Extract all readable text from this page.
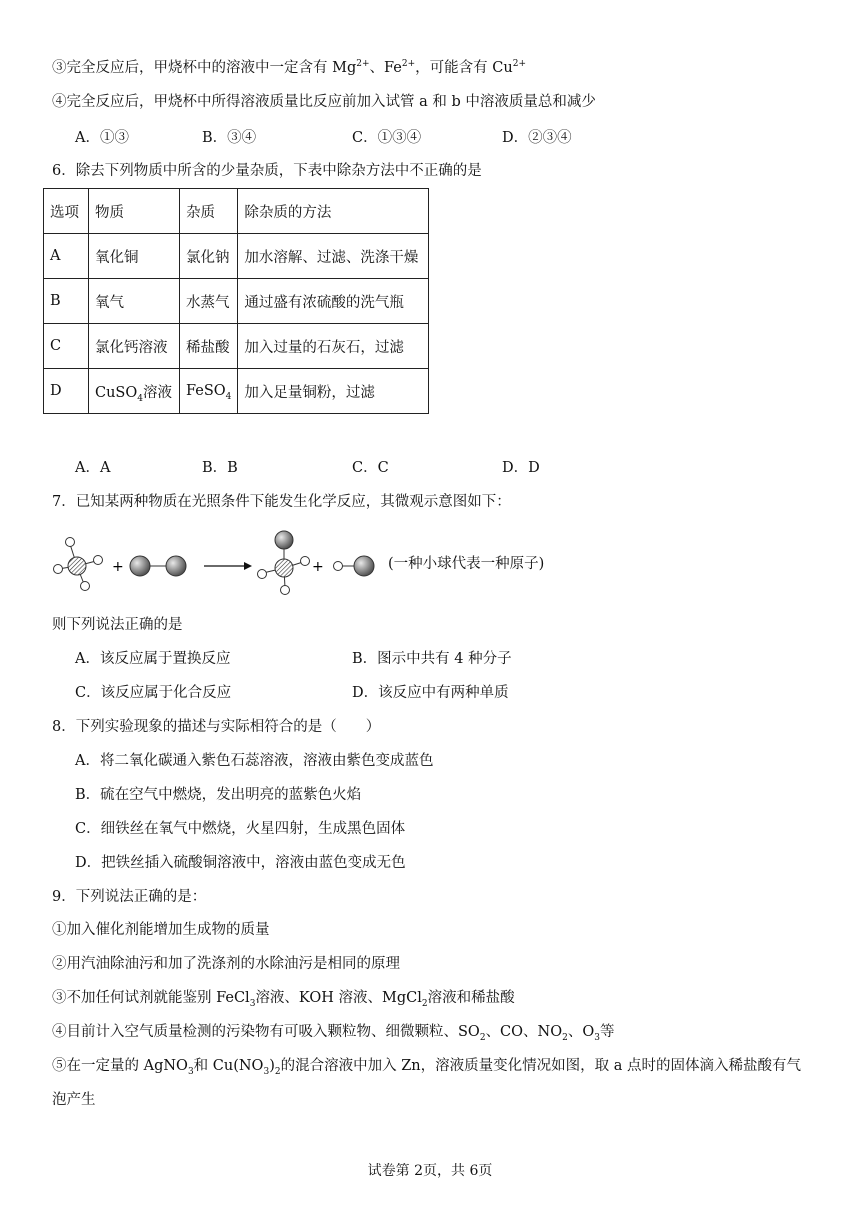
③完全反应后，甲烧杯中的溶液中一定含有 $Mg^{2+}$、$Fe^{2+}$，可能含有 $Cu^{2+}$
④完全反应后，甲烧杯中所得溶液质量比反应前加入试管 a 和 b 中溶液质量总和减少
A．①③	B．③④	C．①③④	D．②③④
6．除去下列物质中所含的少量杂质，下表中除杂方法中不正确的是
选项	物质	杂质	除杂质的方法
A	氧化铜	氯化钠	加水溶解、过滤、洗涤干燥
B	氧气	水蒸气	通过盛有浓硫酸的洗气瓶
C	氯化钙溶液	稀盐酸	加入过量的石灰石，过滤
D	CuSO$_4$溶液	FeSO$_4$	加入足量铜粉，过滤
A．A	B．B	C．C	D．D
7．已知某两种物质在光照条件下能发生化学反应，其微观示意图如下：
+	+	(一种小球代表一种原子)
则下列说法正确的是
A．该反应属于置换反应	B．图示中共有 4 种分子
C．该反应属于化合反应	D．该反应中有两种单质
8．下列实验现象的描述与实际相符合的是（　　）
A．将二氧化碳通入紫色石蕊溶液，溶液由紫色变成蓝色
B．硫在空气中燃烧，发出明亮的蓝紫色火焰
C．细铁丝在氧气中燃烧，火星四射，生成黑色固体
D．把铁丝插入硫酸铜溶液中，溶液由蓝色变成无色
9．下列说法正确的是：
①加入催化剂能增加生成物的质量
②用汽油除油污和加了洗涤剂的水除油污是相同的原理
③不加任何试剂就能鉴别 FeCl$_3$溶液、KOH 溶液、MgCl$_2$溶液和稀盐酸
④目前计入空气质量检测的污染物有可吸入颗粒物、细微颗粒、$SO_2$、CO、$NO_2$、$O_3$等
⑤在一定量的 AgNO$_3$和 $Cu(NO_3)_2$的混合溶液中加入 Zn，溶液质量变化情况如图，取 a 点时的固体滴入稀盐酸有气
泡产生
试卷第 2页，共 6页
